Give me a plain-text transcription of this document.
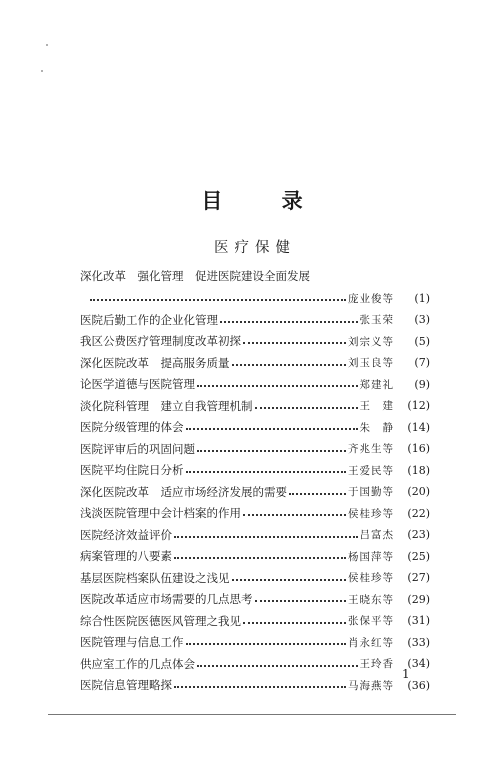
目 录
医疗保健
深化改革　强化管理　促进医院建设全面发展
庞业俊等	(1)
医院后勤工作的企业化管理	张玉荣	(3)
我区公费医疗管理制度改革初探	刘宗义等	(5)
深化医院改革　提高服务质量	刘玉良等	(7)
论医学道德与医院管理	郑建礼	(9)
淡化院科管理　建立自我管理机制	王　建	(12)
医院分级管理的体会	朱　静	(14)
医院评审后的巩固问题	齐兆生等	(16)
医院平均住院日分析	王爱民等	(18)
深化医院改革　适应市场经济发展的需要	于国勤等	(20)
浅淡医院管理中会计档案的作用	侯桂珍等	(22)
医院经济效益评价	吕富杰	(23)
病案管理的八要素	杨国萍等	(25)
基层医院档案队伍建设之浅见	侯桂珍等	(27)
医院改革适应市场需要的几点思考	王晓东等	(29)
综合性医院医德医风管理之我见	张保平等	(31)
医院管理与信息工作	肖永红等	(33)
供应室工作的几点体会	王玲香	(34)
医院信息管理略探	马海燕等	(36)
1
